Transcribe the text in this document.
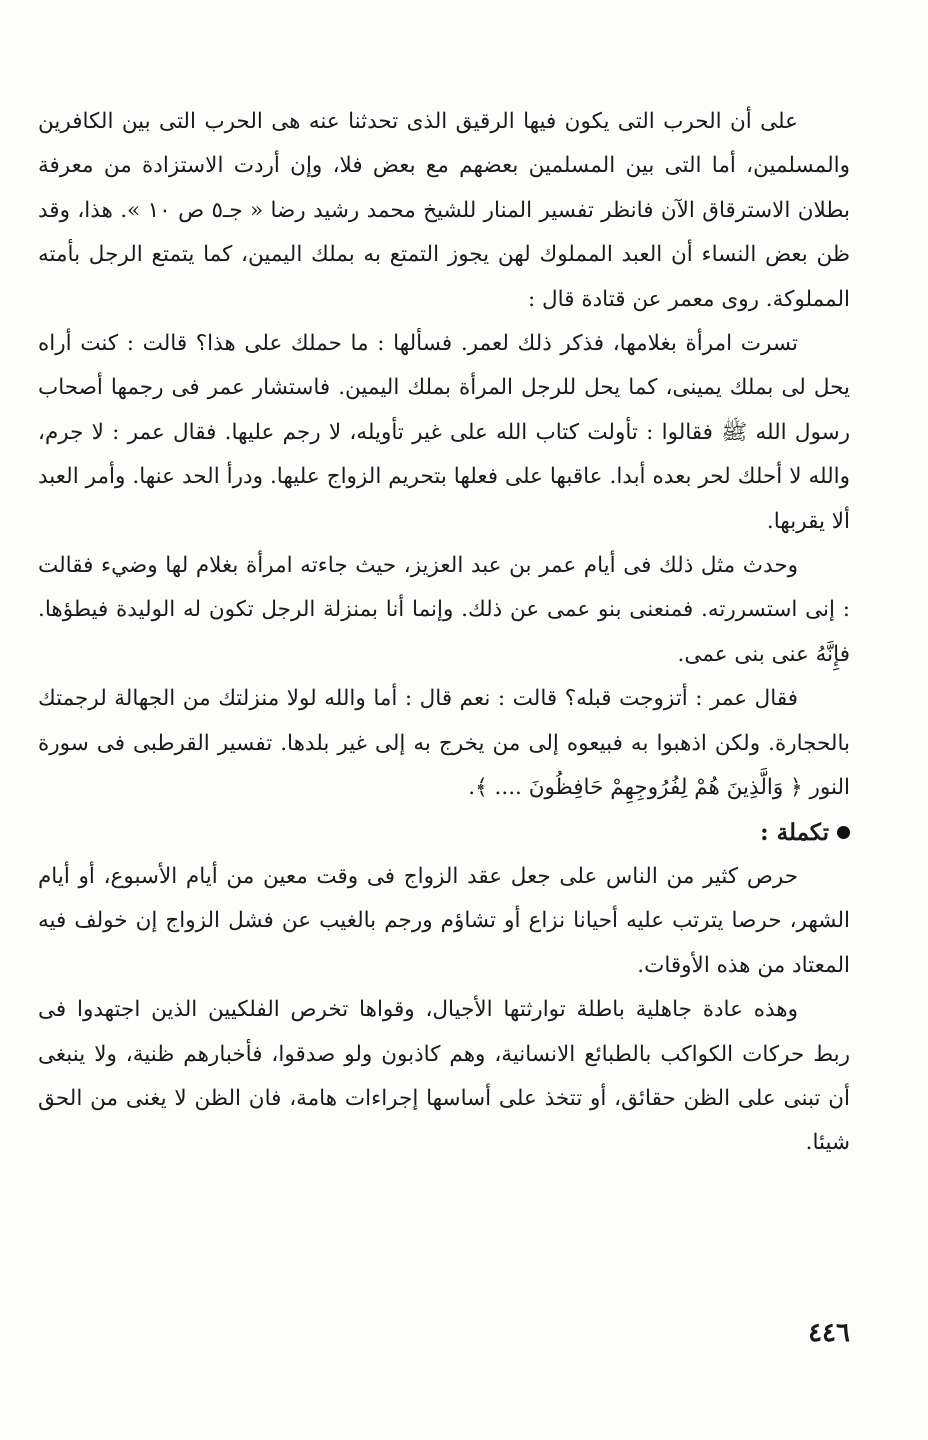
على أن الحرب التى يكون فيها الرقيق الذى تحدثنا عنه هى الحرب التى بين الكافرين والمسلمين، أما التى بين المسلمين بعضهم مع بعض فلا، وإن أردت الاستزادة من معرفة بطلان الاسترقاق الآن فانظر تفسير المنار للشيخ محمد رشيد رضا « جـ٥ ص ١٠ ». هذا، وقد ظن بعض النساء أن العبد المملوك لهن يجوز التمتع به بملك اليمين، كما يتمتع الرجل بأمته المملوكة. روى معمر عن قتادة قال :

تسرت امرأة بغلامها، فذكر ذلك لعمر. فسألها : ما حملك على هذا؟ قالت : كنت أراه يحل لى بملك يمينى، كما يحل للرجل المرأة بملك اليمين. فاستشار عمر فى رجمها أصحاب رسول الله ﷺ فقالوا : تأولت كتاب الله على غير تأويله، لا رجم عليها. فقال عمر : لا جرم، والله لا أحلك لحر بعده أبدا. عاقبها على فعلها بتحريم الزواج عليها. ودرأ الحد عنها. وأمر العبد ألا يقربها.

وحدث مثل ذلك فى أيام عمر بن عبد العزيز، حيث جاءته امرأة بغلام لها وضيء فقالت : إنى استسررته. فمنعنى بنو عمى عن ذلك. وإنما أنا بمنزلة الرجل تكون له الوليدة فيطؤها. فإِنَّهُ عنى بنى عمى.

فقال عمر : أتزوجت قبله؟ قالت : نعم قال : أما والله لولا منزلتك من الجهالة لرجمتك بالحجارة. ولكن اذهبوا به فبيعوه إلى من يخرج به إلى غير بلدها. تفسير القرطبى فى سورة النور ﴿ وَالَّذِينَ هُمْ لِفُرُوجِهِمْ حَافِظُونَ .... ﴾.

تكملة :

حرص كثير من الناس على جعل عقد الزواج فى وقت معين من أيام الأسبوع، أو أيام الشهر، حرصا يترتب عليه أحيانا نزاع أو تشاؤم ورجم بالغيب عن فشل الزواج إن خولف فيه المعتاد من هذه الأوقات.

وهذه عادة جاهلية باطلة توارثتها الأجيال، وقواها تخرص الفلكيين الذين اجتهدوا فى ربط حركات الكواكب بالطبائع الانسانية، وهم كاذبون ولو صدقوا، فأخبارهم ظنية، ولا ينبغى أن تبنى على الظن حقائق، أو تتخذ على أساسها إجراءات هامة، فان الظن لا يغنى من الحق شيئا.

٤٤٦
